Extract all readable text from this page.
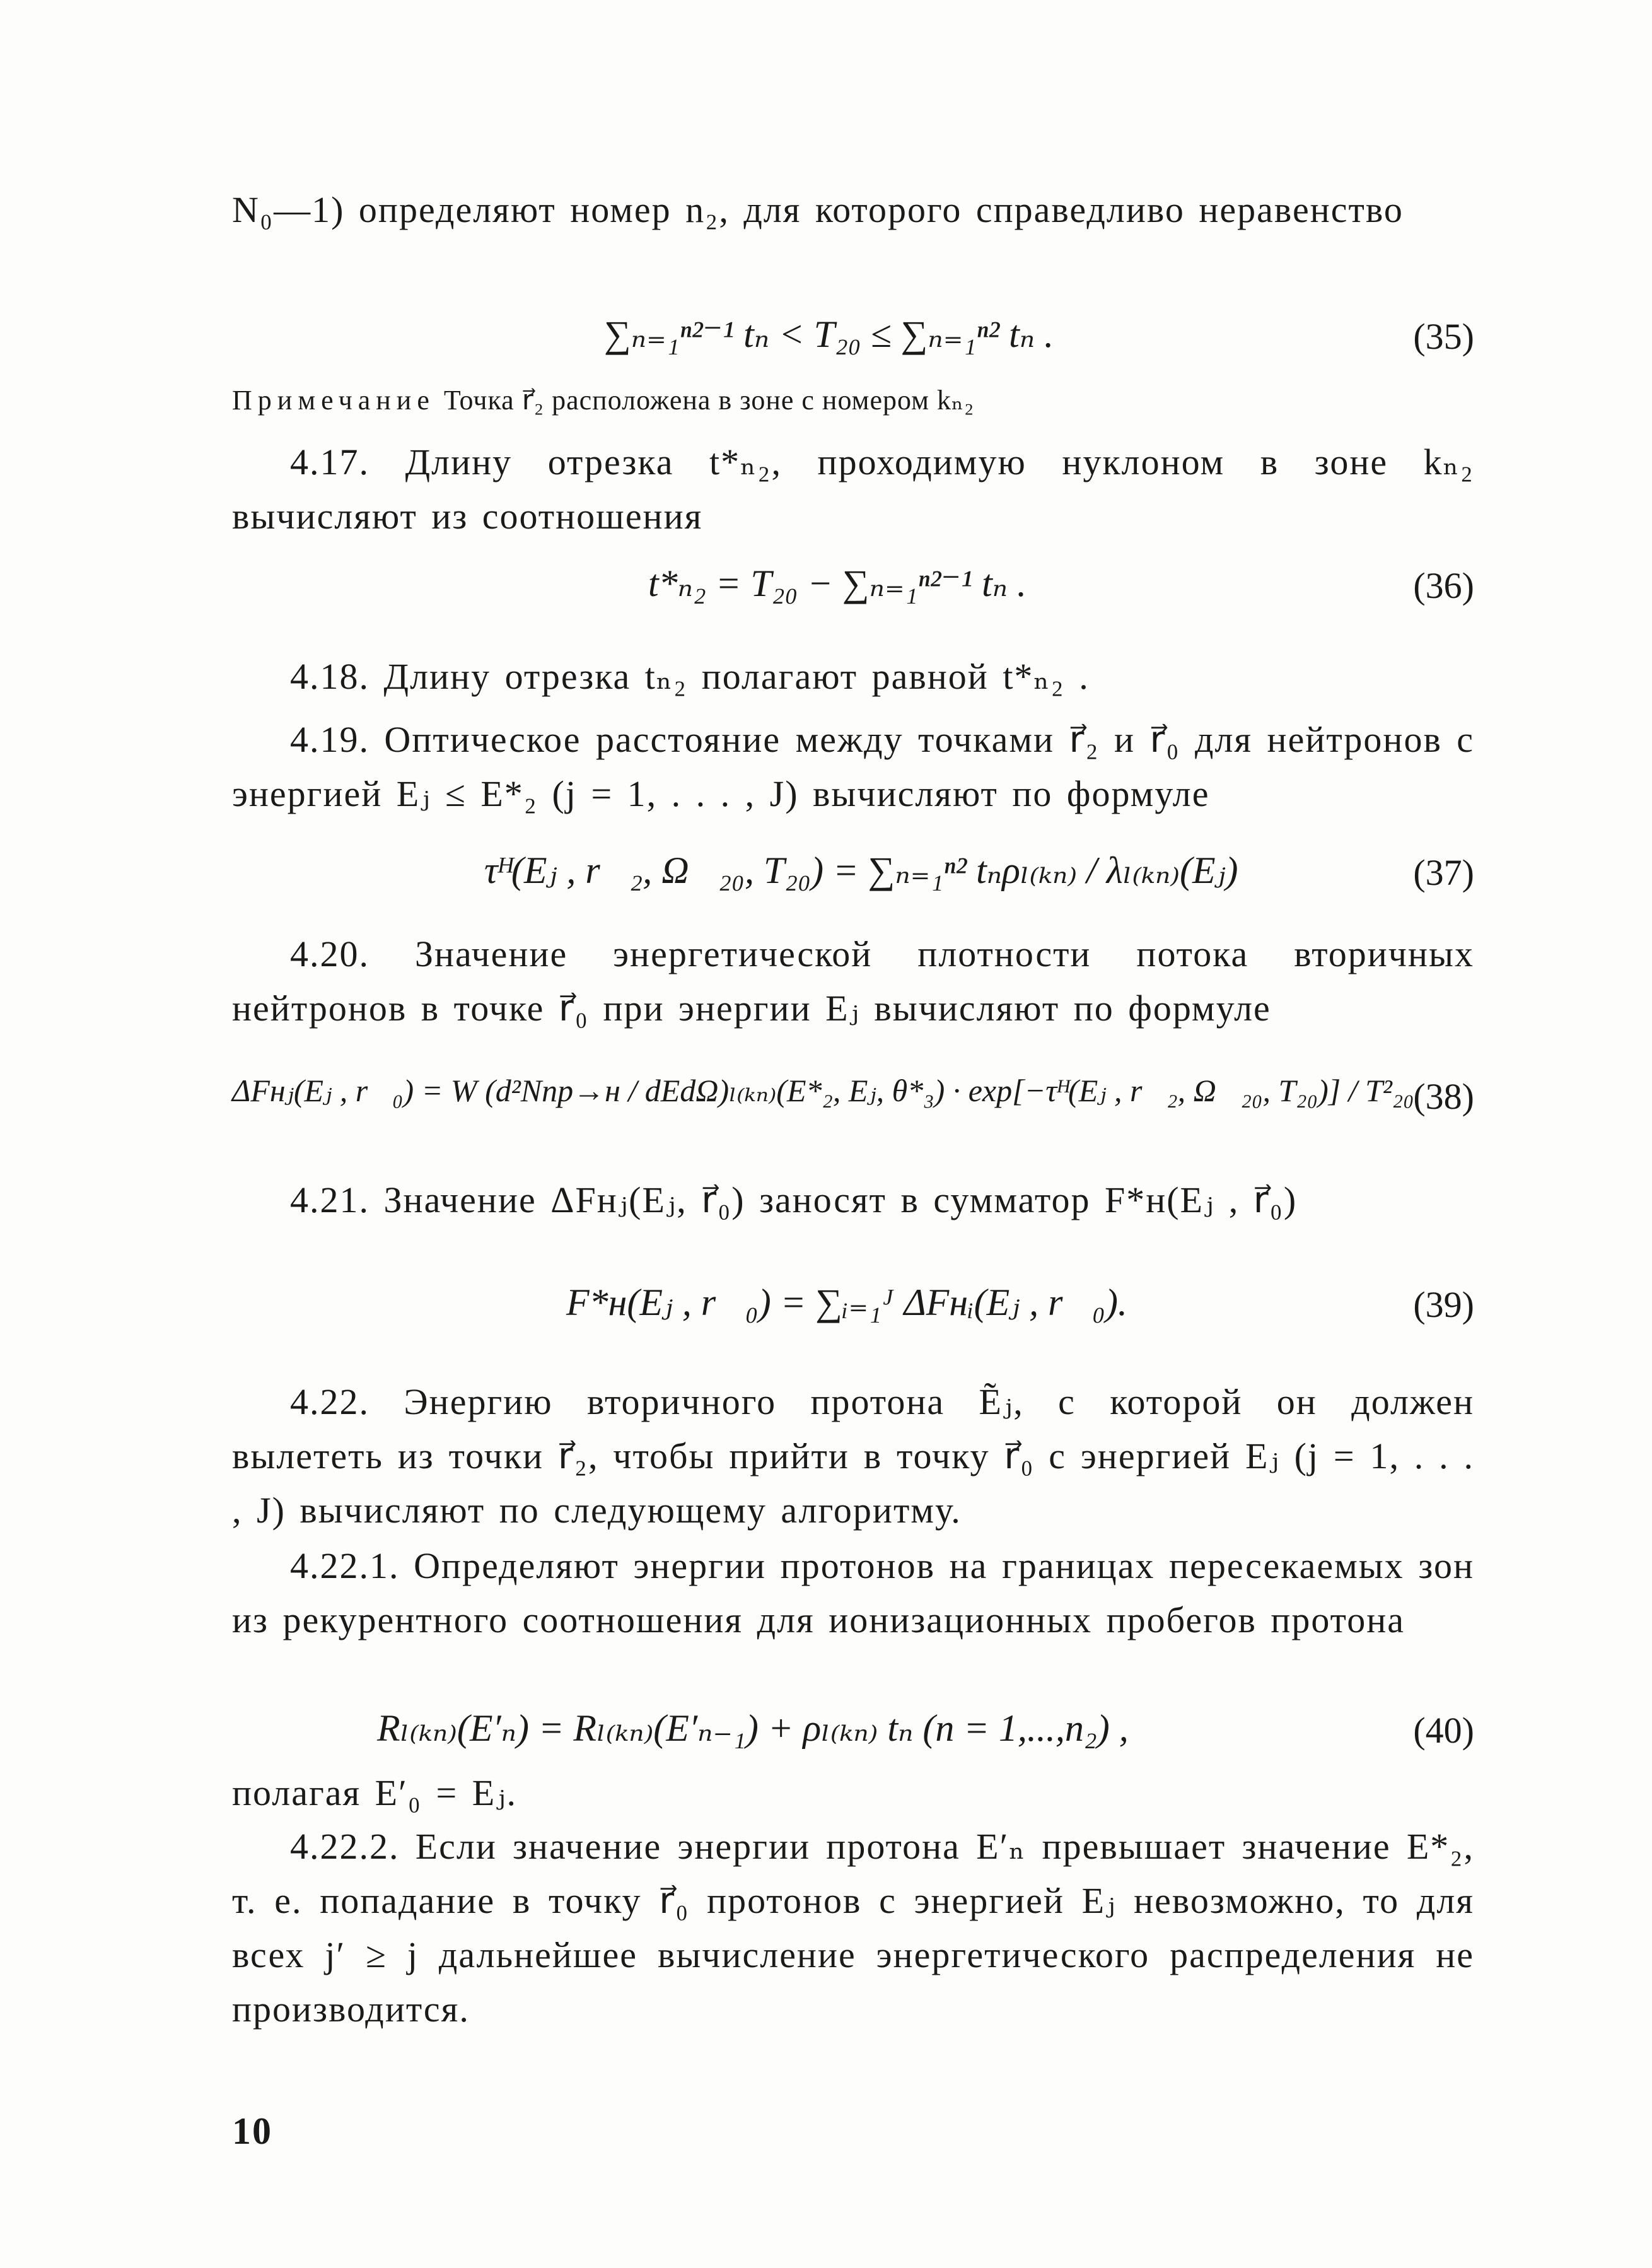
N₀—1) определяют номер n₂, для которого справедливо неравенство

∑ₙ₌₁ⁿ²⁻¹ tₙ < T₂₀ ≤ ∑ₙ₌₁ⁿ² tₙ .	(35)

Примечание Точка r⃗₂ расположена в зоне с номером kₙ₂

4.17. Длину отрезка t*ₙ₂, проходимую нуклоном в зоне kₙ₂ вычисляют из соотношения

t*ₙ₂ = T₂₀ − ∑ₙ₌₁ⁿ²⁻¹ tₙ .	(36)

4.18. Длину отрезка tₙ₂ полагают равной t*ₙ₂ .

4.19. Оптическое расстояние между точками r⃗₂ и r⃗₀ для нейтронов с энергией Eⱼ ≤ E*₂ (j = 1, . . . , J) вычисляют по формуле

τᴴ(Eⱼ , r⃗₂, Ω⃗₂₀, T₂₀) = ∑ₙ₌₁ⁿ² tₙρₗ₍ₖₙ₎ / λₗ₍ₖₙ₎(Eⱼ)	(37)

4.20. Значение энергетической плотности потока вторичных нейтронов в точке r⃗₀ при энергии Eⱼ вычисляют по формуле

ΔFнⱼ(Eⱼ , r⃗₀) = W (d²Nпр→н / dEdΩ)ₗ₍ₖₙ₎(E*₂, Eⱼ, θ*₃) · exp[−τᴴ(Eⱼ , r⃗₂, Ω⃗₂₀, T₂₀)] / T²₂₀
(38)

4.21. Значение ΔFнⱼ(Eⱼ, r⃗₀) заносят в сумматор F*н(Eⱼ , r⃗₀)

F*н(Eⱼ , r⃗₀) = ∑ᵢ₌₁ᴶ ΔFнᵢ(Eⱼ , r⃗₀).	(39)

4.22. Энергию вторичного протона Ẽⱼ, с которой он должен вылететь из точки r⃗₂, чтобы прийти в точку r⃗₀ с энергией Eⱼ (j = 1, . . . , J) вычисляют по следующему алгоритму.

4.22.1. Определяют энергии протонов на границах пересекаемых зон из рекурентного соотношения для ионизационных пробегов протона

Rₗ₍ₖₙ₎(E′ₙ) = Rₗ₍ₖₙ₎(E′ₙ₋₁) + ρₗ₍ₖₙ₎ tₙ (n = 1,...,n₂) ,	(40)

полагая E′₀ = Eⱼ.

4.22.2. Если значение энергии протона E′ₙ превышает значение E*₂, т. е. попадание в точку r⃗₀ протонов с энергией Eⱼ невозможно, то для всех j′ ≥ j дальнейшее вычисление энергетического распределения не производится.

10
